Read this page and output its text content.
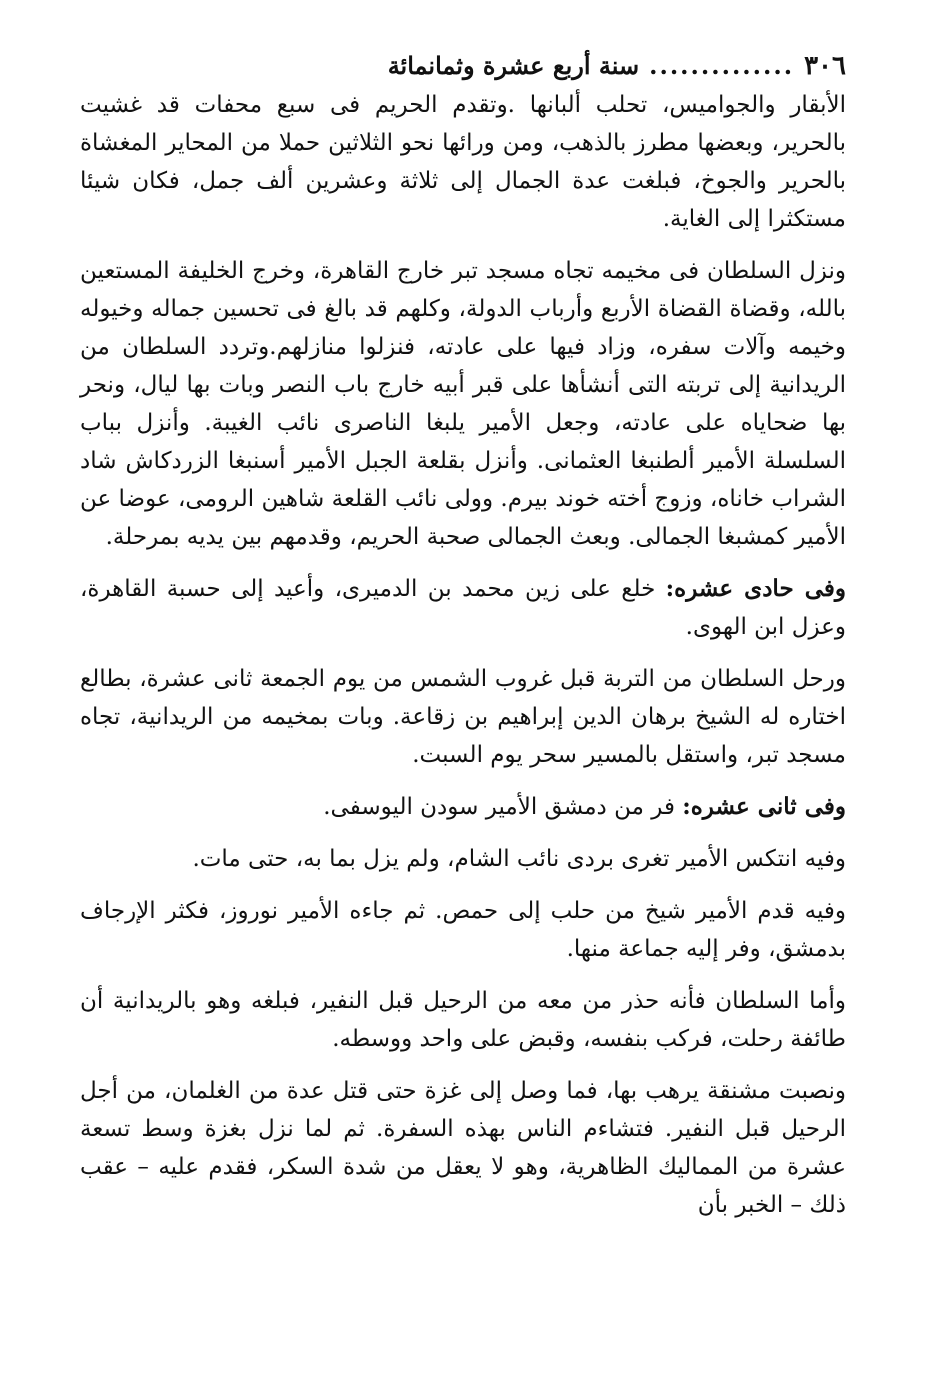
٣٠٦
..............
سنة أربع عشرة وثمانمائة

الأبقار والجواميس، تحلب ألبانها .وتقدم الحريم فى سبع محفات قد غشيت بالحرير، وبعضها مطرز بالذهب، ومن ورائها نحو الثلاثين حملا من المحاير المغشاة بالحرير والجوخ، فبلغت عدة الجمال إلى ثلاثة وعشرين ألف جمل، فكان شيئا مستكثرا إلى الغاية.

ونزل السلطان فى مخيمه تجاه مسجد تبر خارج القاهرة، وخرج الخليفة المستعين بالله، وقضاة القضاة الأربع وأرباب الدولة، وكلهم قد بالغ فى تحسين جماله وخيوله وخيمه وآلات سفره، وزاد فيها على عادته، فنزلوا منازلهم.وتردد السلطان من الريدانية إلى تربته التى أنشأها على قبر أبيه خارج باب النصر وبات بها ليال، ونحر بها ضحاياه على عادته، وجعل الأمير يلبغا الناصرى نائب الغيبة. وأنزل بباب السلسلة الأمير ألطنبغا العثمانى. وأنزل بقلعة الجبل الأمير أسنبغا الزردكاش شاد الشراب خاناه، وزوج أخته خوند بيرم. وولى نائب القلعة شاهين الرومى، عوضا عن الأمير كمشبغا الجمالى. وبعث الجمالى صحبة الحريم، وقدمهم بين يديه بمرحلة.

وفى حادى عشره: خلع على زين محمد بن الدميرى، وأعيد إلى حسبة القاهرة، وعزل ابن الهوى.

ورحل السلطان من التربة قبل غروب الشمس من يوم الجمعة ثانى عشرة، بطالع اختاره له الشيخ برهان الدين إبراهيم بن زقاعة. وبات بمخيمه من الريدانية، تجاه مسجد تبر، واستقل بالمسير سحر يوم السبت.

وفى ثانى عشره: فر من دمشق الأمير سودن اليوسفى.

وفيه انتكس الأمير تغرى بردى نائب الشام، ولم يزل بما به، حتى مات.

وفيه قدم الأمير شيخ من حلب إلى حمص. ثم جاءه الأمير نوروز، فكثر الإرجاف بدمشق، وفر إليه جماعة منها.

وأما السلطان فأنه حذر من معه من الرحيل قبل النفير، فبلغه وهو بالريدانية أن طائفة رحلت، فركب بنفسه، وقبض على واحد ووسطه.

ونصبت مشنقة يرهب بها، فما وصل إلى غزة حتى قتل عدة من الغلمان، من أجل الرحيل قبل النفير. فتشاءم الناس بهذه السفرة. ثم لما نزل بغزة وسط تسعة عشرة من المماليك الظاهرية، وهو لا يعقل من شدة السكر، فقدم عليه – عقب ذلك – الخبر بأن
